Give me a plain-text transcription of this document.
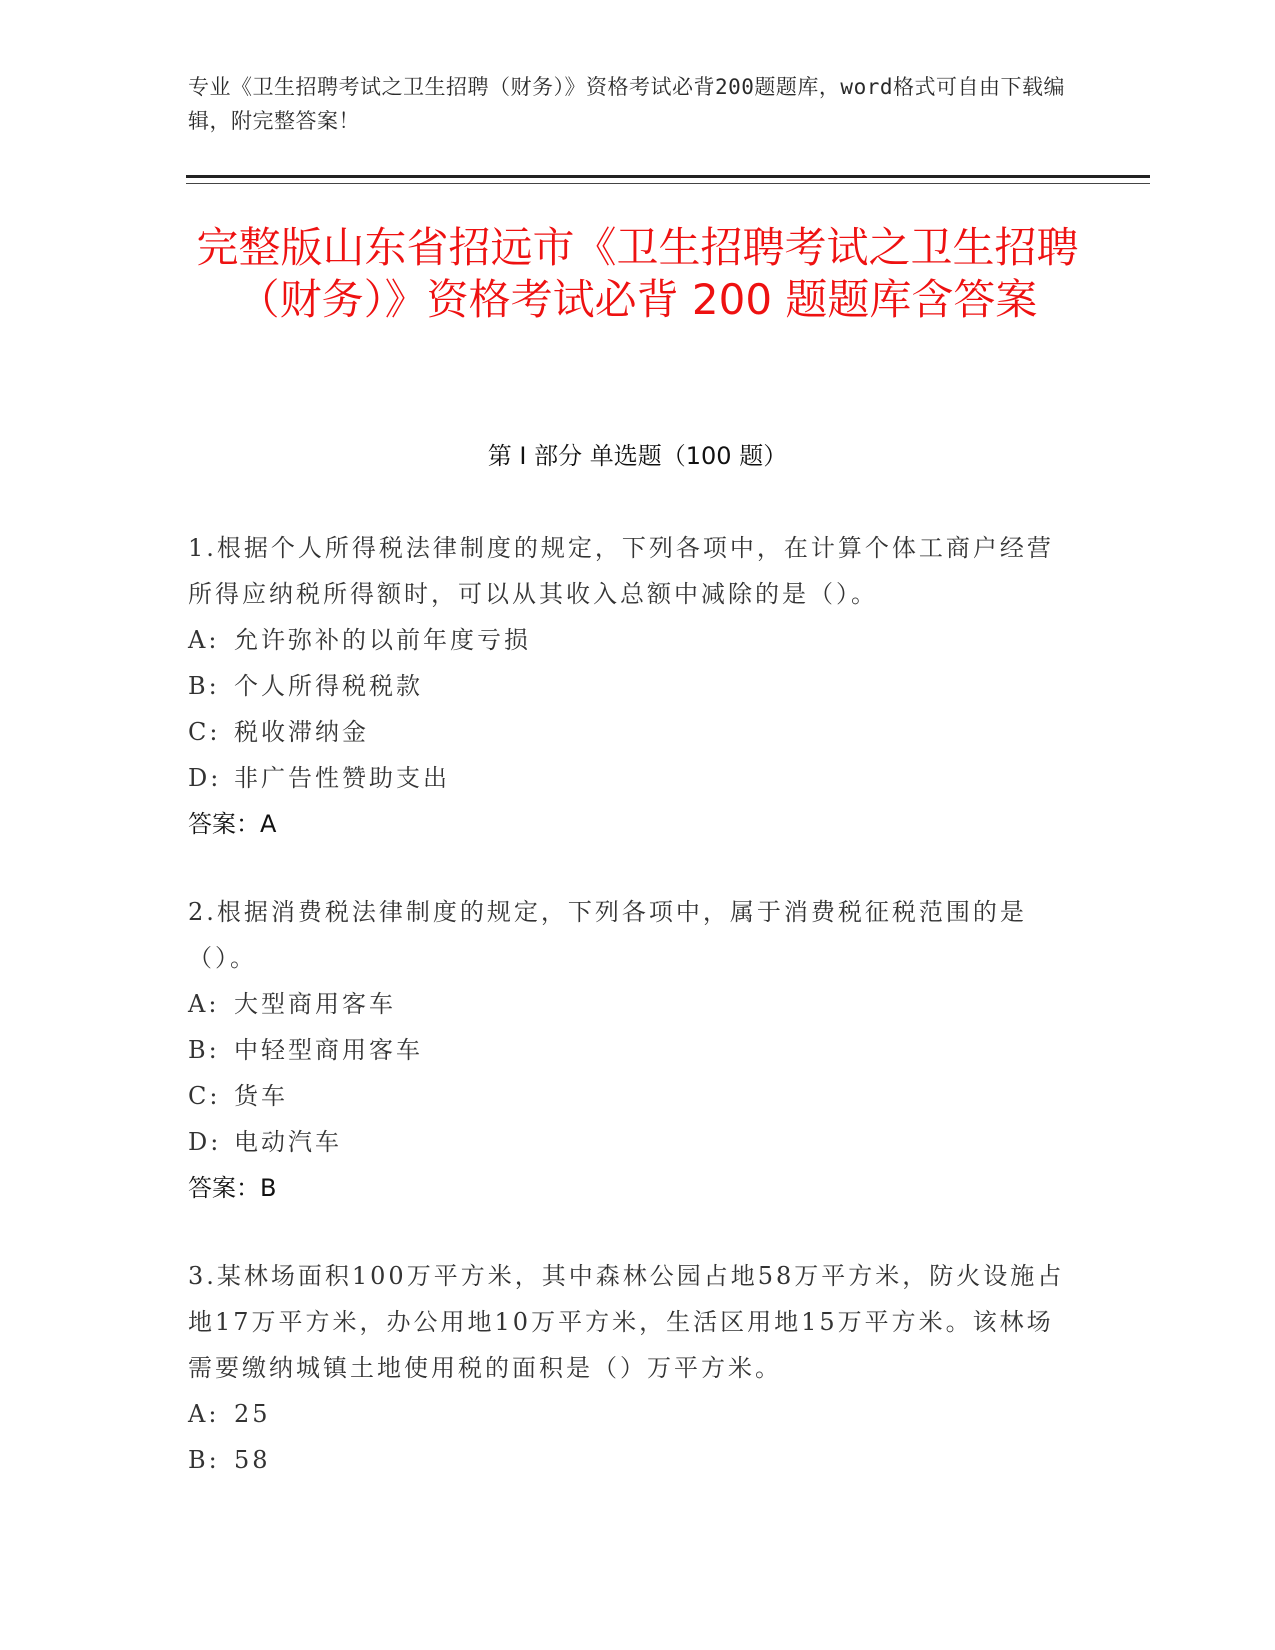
专业《卫生招聘考试之卫生招聘（财务）》资格考试必背200题题库，word格式可自由下载编辑，附完整答案！
完整版山东省招远市《卫生招聘考试之卫生招聘（财务）》资格考试必背 200 题题库含答案
第 I 部分 单选题（100 题）
1.根据个人所得税法律制度的规定，下列各项中，在计算个体工商户经营所得应纳税所得额时，可以从其收入总额中减除的是（）。
A: 允许弥补的以前年度亏损
B: 个人所得税税款
C: 税收滞纳金
D: 非广告性赞助支出
答案：A
2.根据消费税法律制度的规定，下列各项中，属于消费税征税范围的是（）。
A: 大型商用客车
B: 中轻型商用客车
C: 货车
D: 电动汽车
答案：B
3.某林场面积100万平方米，其中森林公园占地58万平方米，防火设施占地17万平方米，办公用地10万平方米，生活区用地15万平方米。该林场需要缴纳城镇土地使用税的面积是（）万平方米。
A: 25
B: 58
